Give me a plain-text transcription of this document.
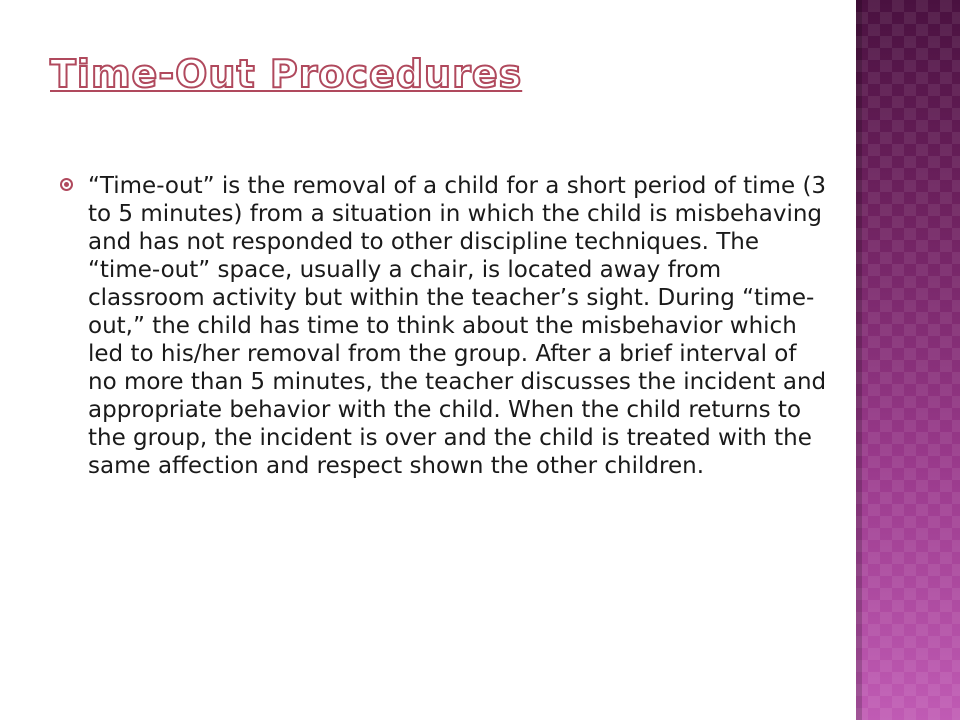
Time-Out Procedures

“Time-out” is the removal of a child for a short period of time (3 to 5 minutes) from a situation in which the child is misbehaving and has not responded to other discipline techniques. The “time-out” space, usually a chair, is located away from classroom activity but within the teacher’s sight. During “time-out,” the child has time to think about the misbehavior which led to his/her removal from the group. After a brief interval of no more than 5 minutes, the teacher discusses the incident and appropriate behavior with the child. When the child returns to the group, the incident is over and the child is treated with the same affection and respect shown the other children.
